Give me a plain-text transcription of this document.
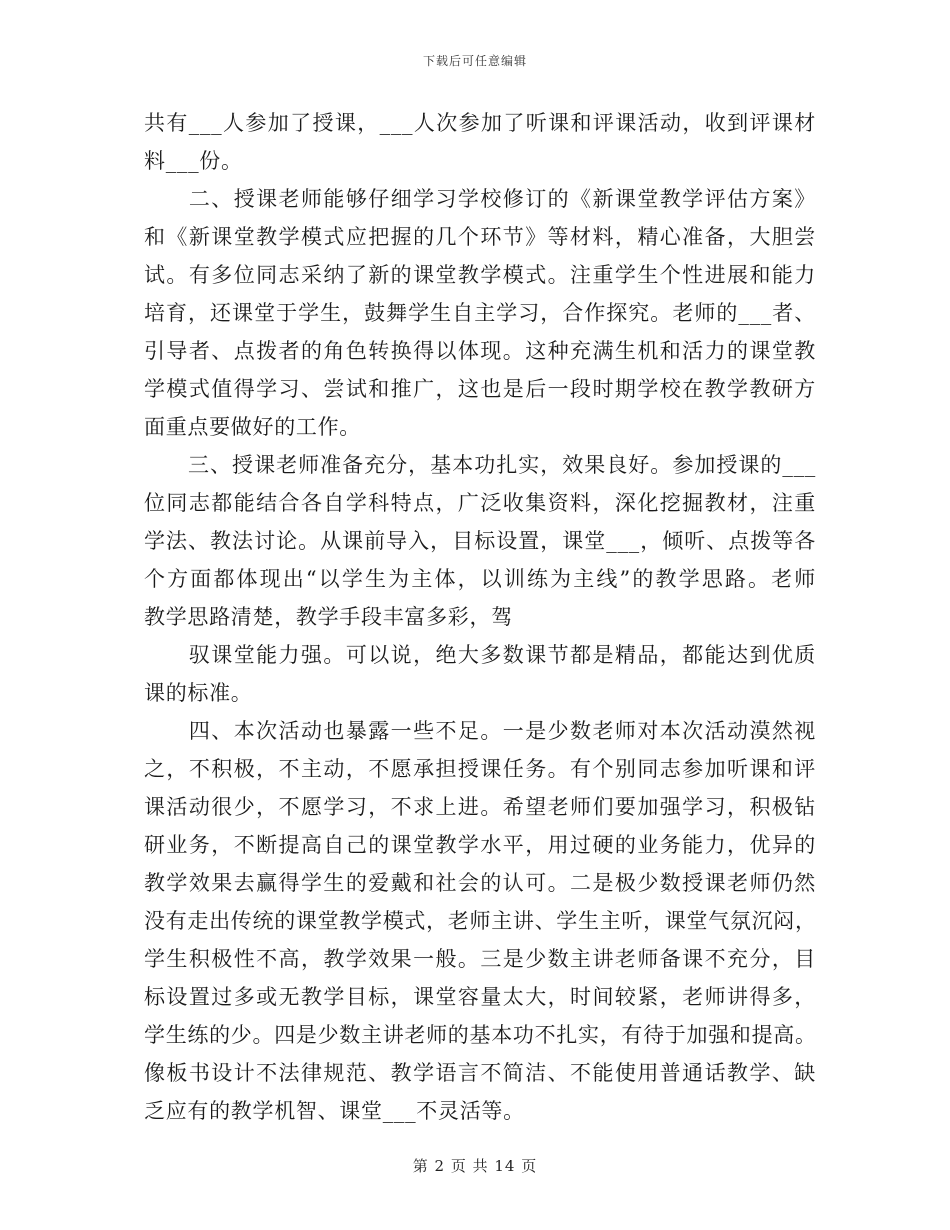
下载后可任意编辑
共有___人参加了授课，___人次参加了听课和评课活动，收到评课材
料___份。
　　二、授课老师能够仔细学习学校修订的《新课堂教学评估方案》
和《新课堂教学模式应把握的几个环节》等材料，精心准备，大胆尝
试。有多位同志采纳了新的课堂教学模式。注重学生个性进展和能力
培育，还课堂于学生，鼓舞学生自主学习，合作探究。老师的___者、
引导者、点拨者的角色转换得以体现。这种充满生机和活力的课堂教
学模式值得学习、尝试和推广，这也是后一段时期学校在教学教研方
面重点要做好的工作。
　　三、授课老师准备充分，基本功扎实，效果良好。参加授课的___
位同志都能结合各自学科特点，广泛收集资料，深化挖掘教材，注重
学法、教法讨论。从课前导入，目标设置，课堂___，倾听、点拨等各
个方面都体现出“以学生为主体，以训练为主线”的教学思路。老师
教学思路清楚，教学手段丰富多彩，驾
　　驭课堂能力强。可以说，绝大多数课节都是精品，都能达到优质
课的标准。
　　四、本次活动也暴露一些不足。一是少数老师对本次活动漠然视
之，不积极，不主动，不愿承担授课任务。有个别同志参加听课和评
课活动很少，不愿学习，不求上进。希望老师们要加强学习，积极钻
研业务，不断提高自己的课堂教学水平，用过硬的业务能力，优异的
教学效果去赢得学生的爱戴和社会的认可。二是极少数授课老师仍然
没有走出传统的课堂教学模式，老师主讲、学生主听，课堂气氛沉闷，
学生积极性不高，教学效果一般。三是少数主讲老师备课不充分，目
标设置过多或无教学目标，课堂容量太大，时间较紧，老师讲得多，
学生练的少。四是少数主讲老师的基本功不扎实，有待于加强和提高。
像板书设计不法律规范、教学语言不简洁、不能使用普通话教学、缺
乏应有的教学机智、课堂___不灵活等。
第 2 页 共 14 页
